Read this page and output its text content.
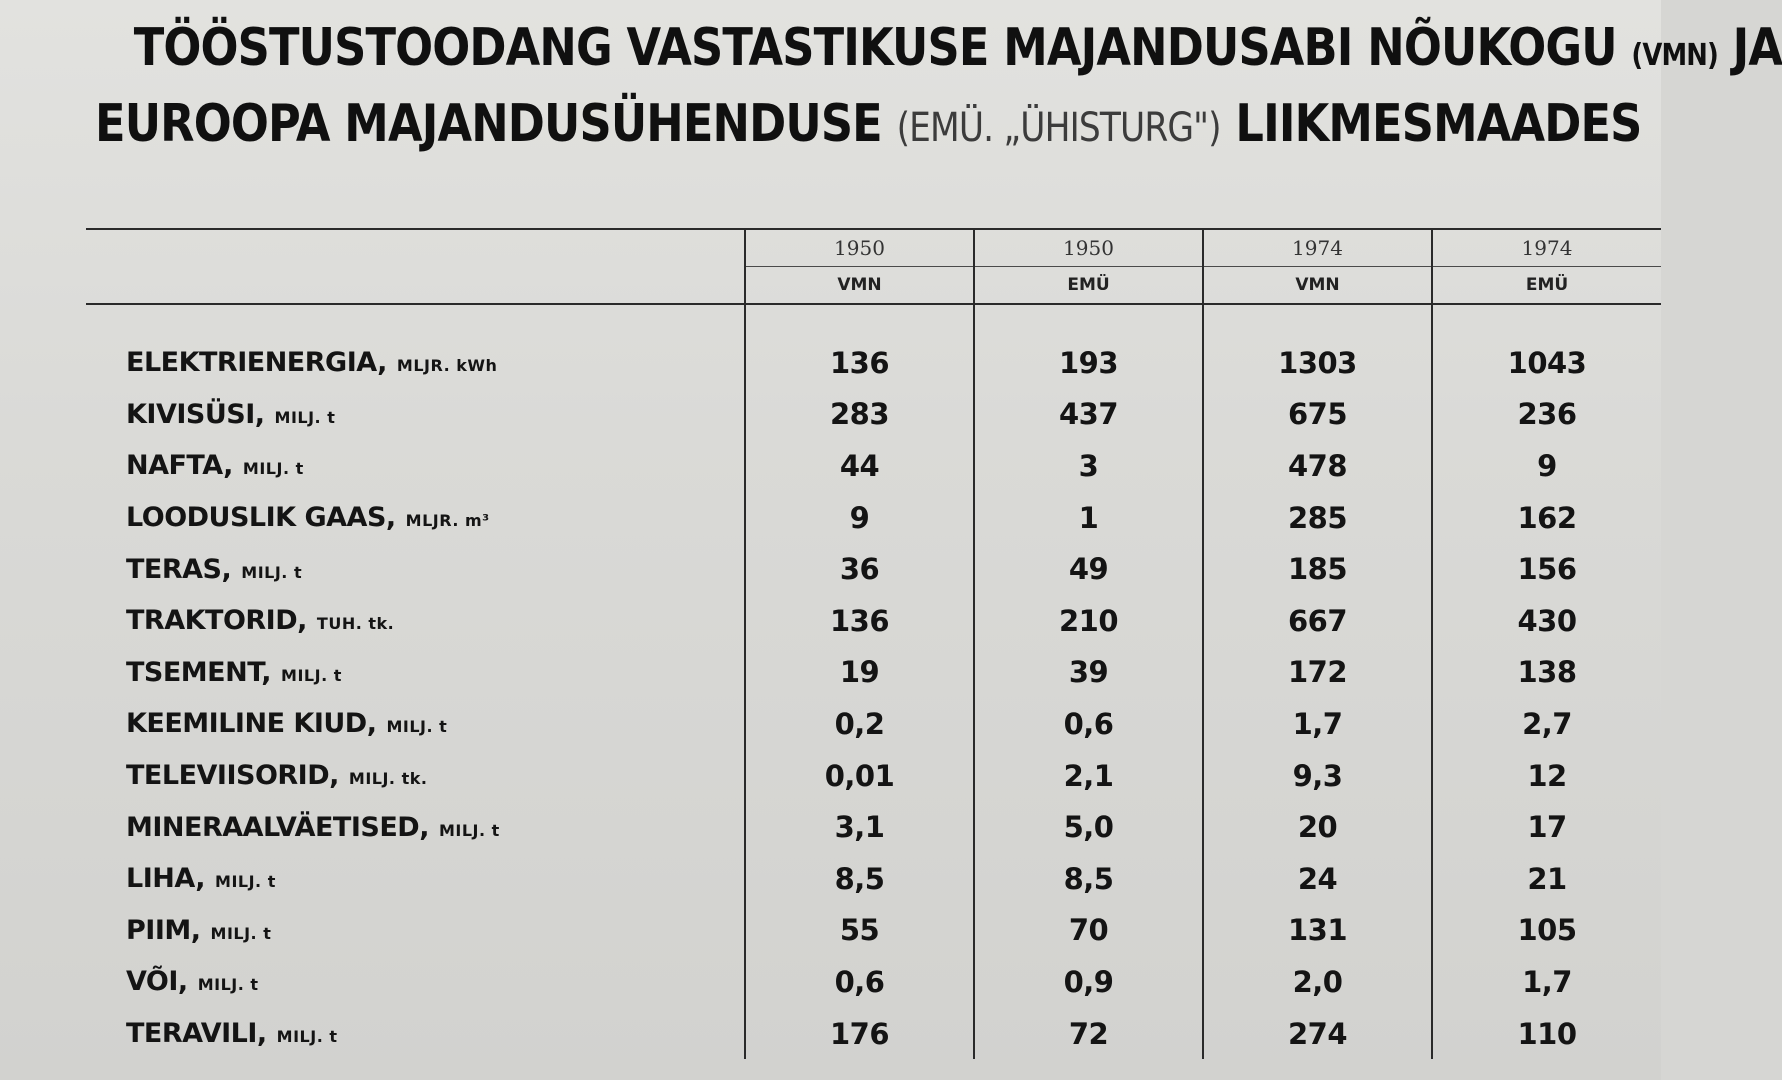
TÖÖSTUSTOODANG VASTASTIKUSE MAJANDUSABI NÕUKOGU (VMN) JA
EUROOPA MAJANDUSÜHENDUSE (EMÜ. „ÜHISTURG") LIIKMESMAADES
	1950	1950	1974	1974
	VMN	EMÜ	VMN	EMÜ

ELEKTRIENERGIA, MLJR. kWh	136	193	1303	1043
KIVISÜSI, MILJ. t	283	437	675	236
NAFTA, MILJ. t	44	3	478	9
LOODUSLIK GAAS, MLJR. m³	9	1	285	162
TERAS, MILJ. t	36	49	185	156
TRAKTORID, TUH. tk.	136	210	667	430
TSEMENT, MILJ. t	19	39	172	138
KEEMILINE KIUD, MILJ. t	0,2	0,6	1,7	2,7
TELEVIISORID, MILJ. tk.	0,01	2,1	9,3	12
MINERAALVÄETISED, MILJ. t	3,1	5,0	20	17
LIHA, MILJ. t	8,5	8,5	24	21
PIIM, MILJ. t	55	70	131	105
VÕI, MILJ. t	0,6	0,9	2,0	1,7
TERAVILI, MILJ. t	176	72	274	110
